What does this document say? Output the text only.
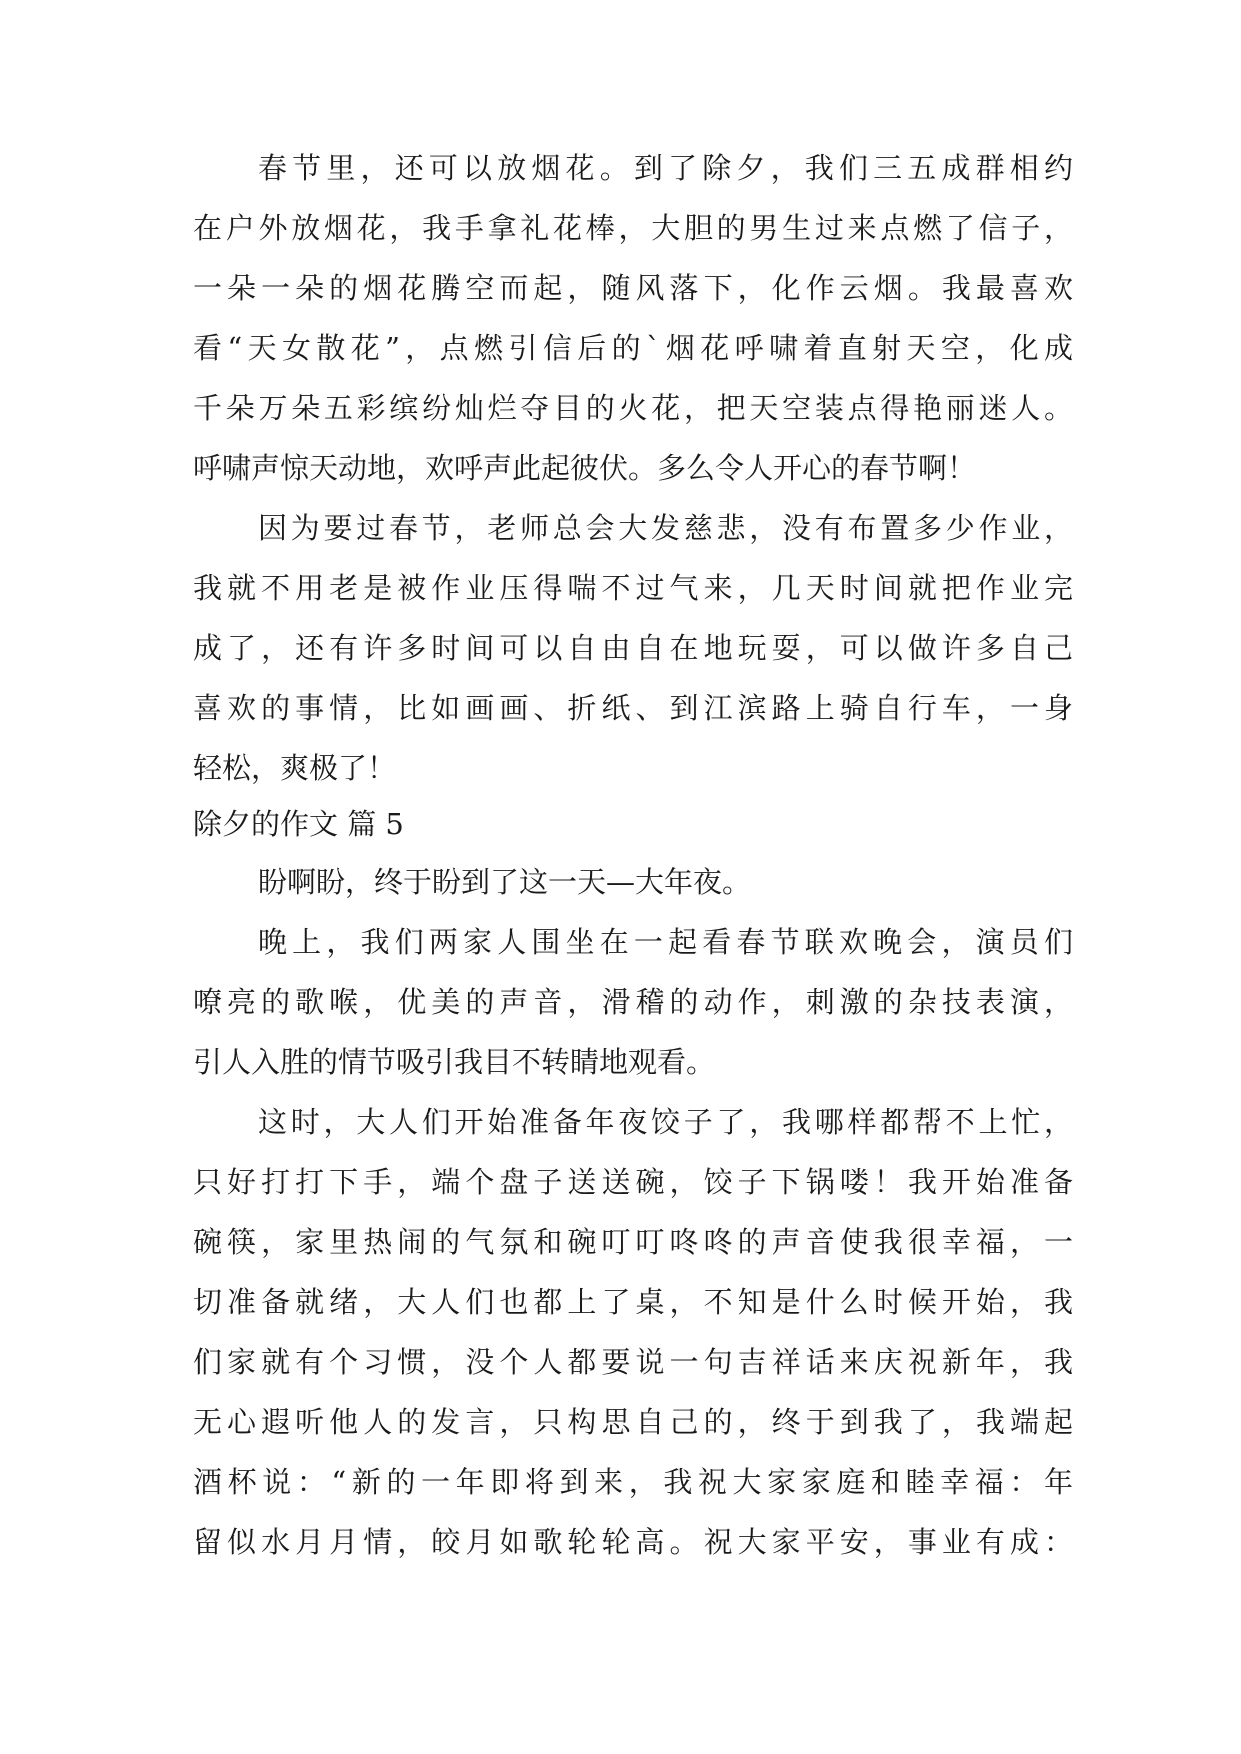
春节里，还可以放烟花。到了除夕，我们三五成群相约

在户外放烟花，我手拿礼花棒，大胆的男生过来点燃了信子，

一朵一朵的烟花腾空而起，随风落下，化作云烟。我最喜欢

看“天女散花”，点燃引信后的`烟花呼啸着直射天空，化成

千朵万朵五彩缤纷灿烂夺目的火花，把天空装点得艳丽迷人。

呼啸声惊天动地，欢呼声此起彼伏。多么令人开心的春节啊！

因为要过春节，老师总会大发慈悲，没有布置多少作业，

我就不用老是被作业压得喘不过气来，几天时间就把作业完

成了，还有许多时间可以自由自在地玩耍，可以做许多自己

喜欢的事情，比如画画、折纸、到江滨路上骑自行车，一身

轻松，爽极了！

除夕的作文 篇 5

盼啊盼，终于盼到了这一天—大年夜。

晚上，我们两家人围坐在一起看春节联欢晚会，演员们

嘹亮的歌喉，优美的声音，滑稽的动作，刺激的杂技表演，

引人入胜的情节吸引我目不转睛地观看。

这时，大人们开始准备年夜饺子了，我哪样都帮不上忙，

只好打打下手，端个盘子送送碗，饺子下锅喽！我开始准备

碗筷，家里热闹的气氛和碗叮叮咚咚的声音使我很幸福，一

切准备就绪，大人们也都上了桌，不知是什么时候开始，我

们家就有个习惯，没个人都要说一句吉祥话来庆祝新年，我

无心遐听他人的发言，只构思自己的，终于到我了，我端起

酒杯说：“新的一年即将到来，我祝大家家庭和睦幸福：年

留似水月月情，皎月如歌轮轮高。祝大家平安，事业有成：
